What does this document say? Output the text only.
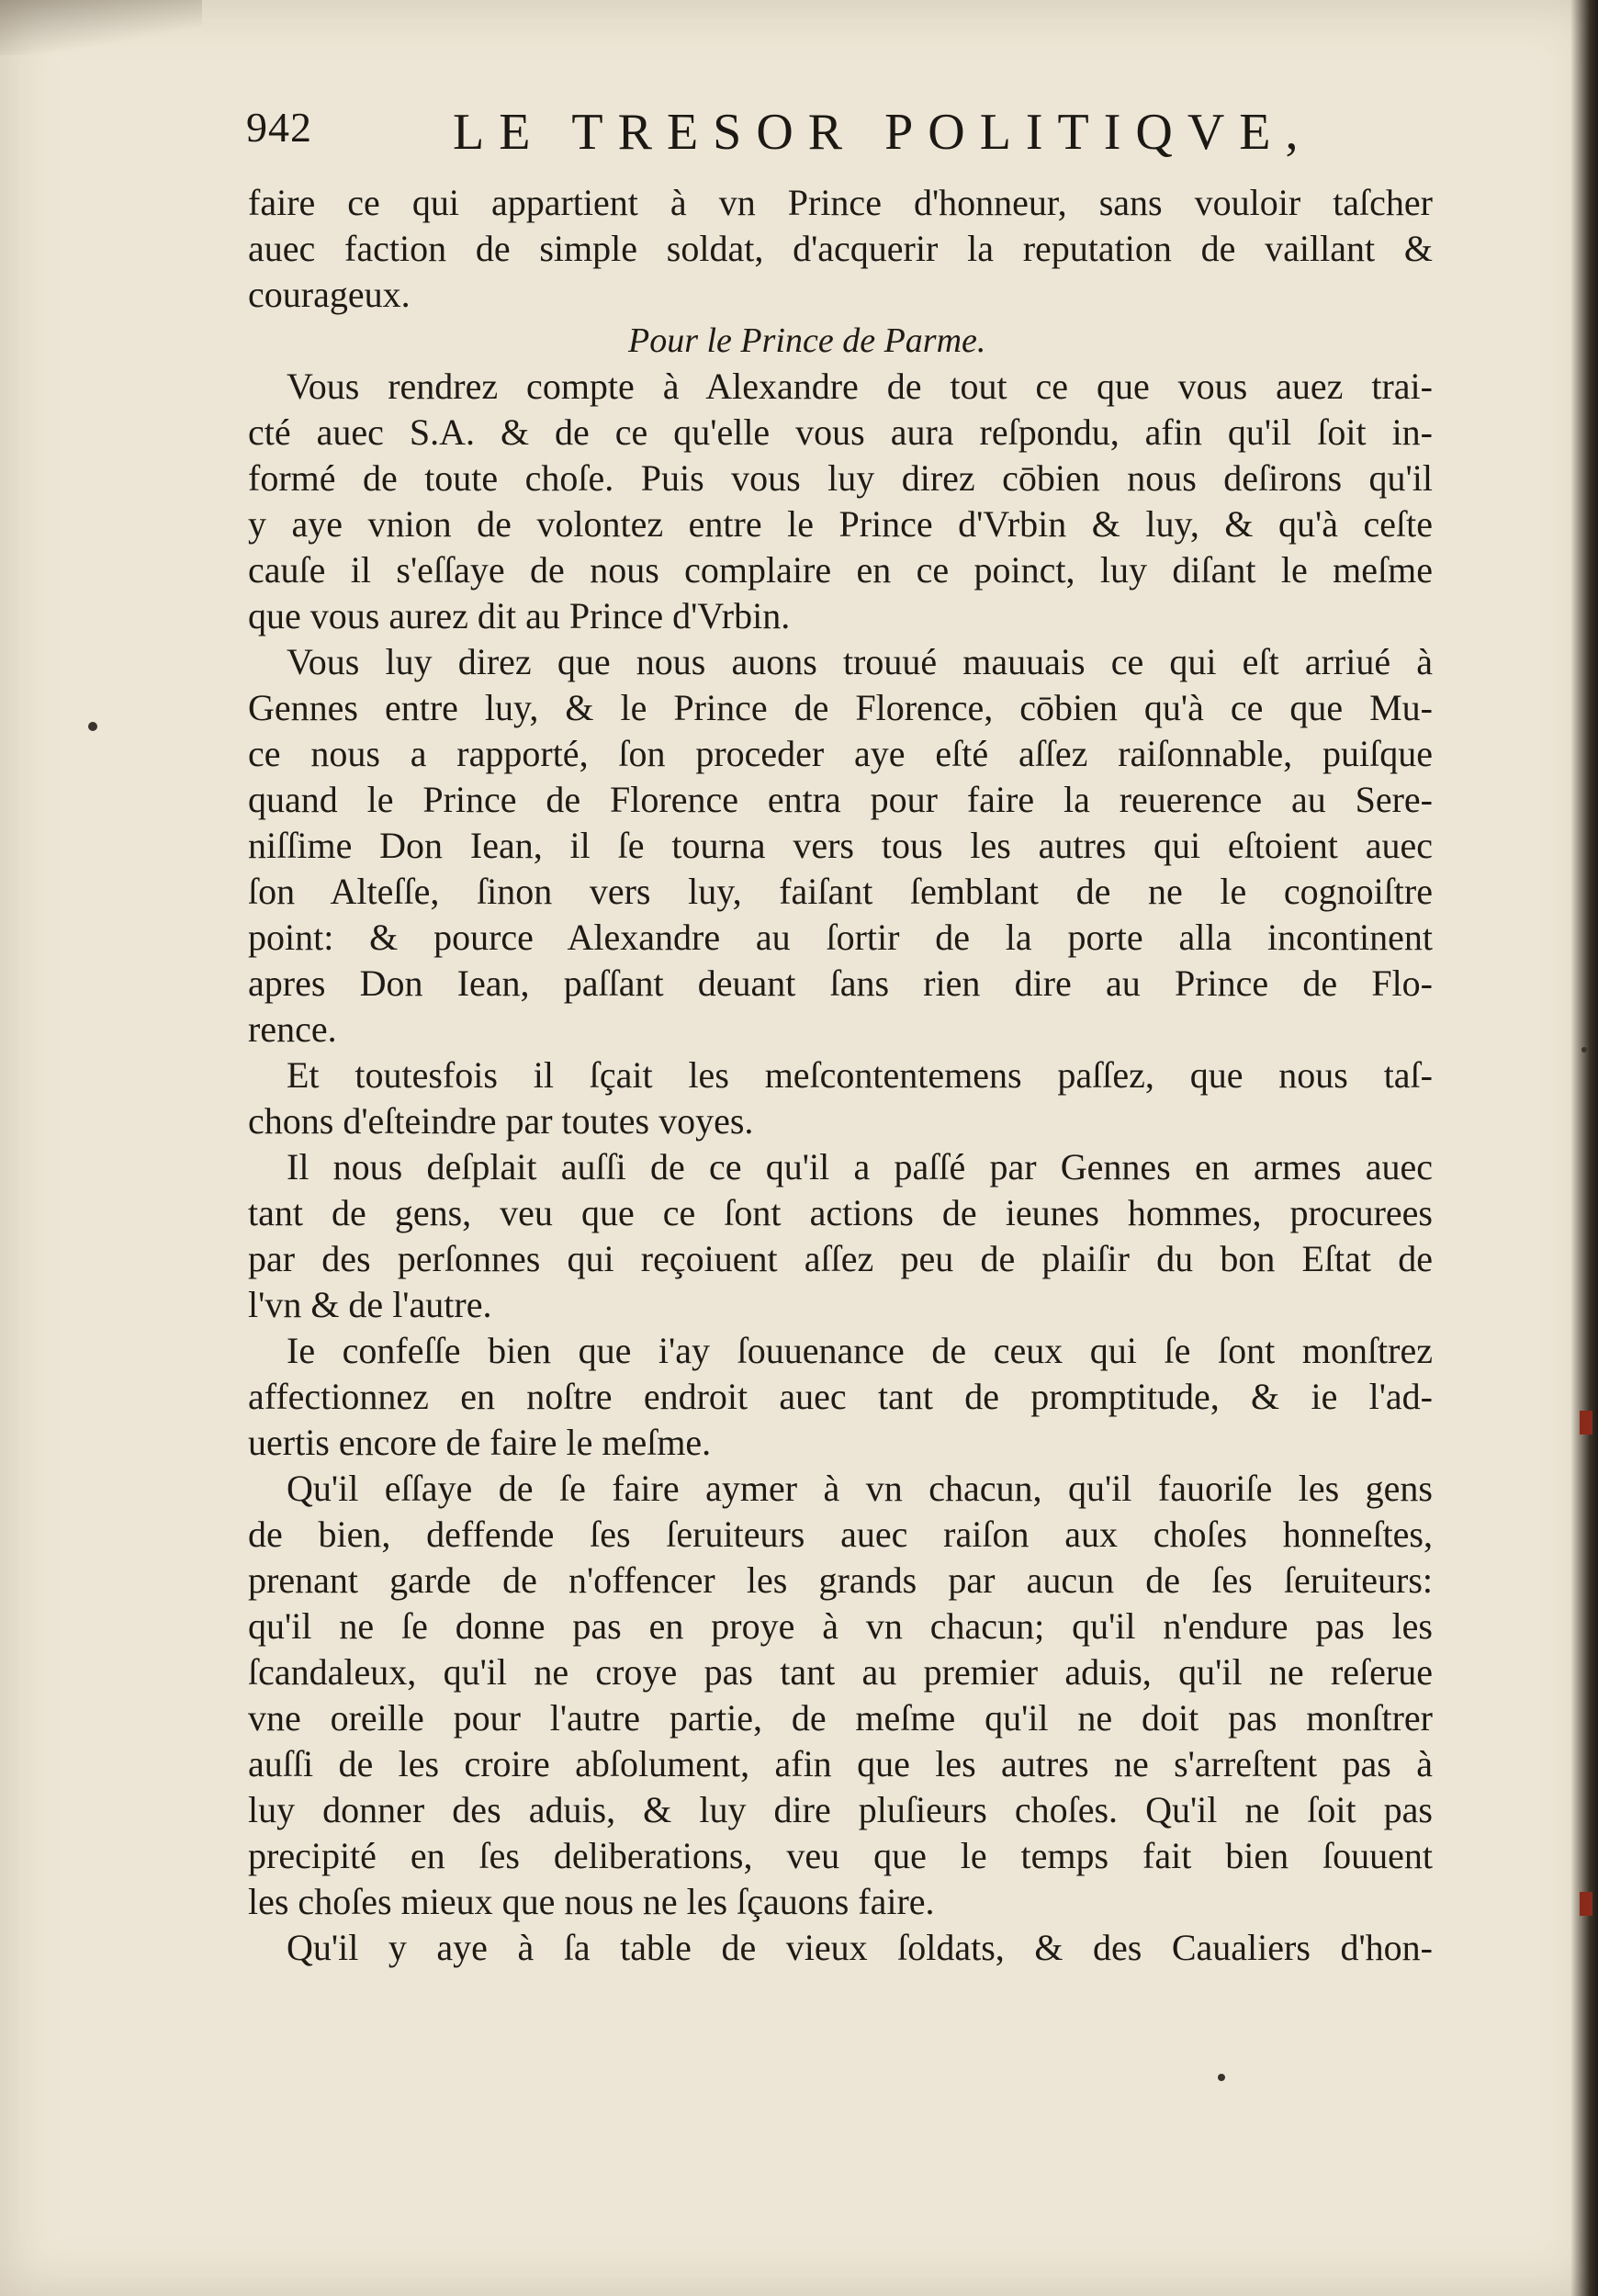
942	LE TRESOR POLITIQVE,
faire ce qui appartient à vn Prince d'honneur, sans vouloir taſcher
auec faction de simple soldat, d'acquerir la reputation de vaillant &
courageux.
Pour le Prince de Parme.
Vous rendrez compte à Alexandre de tout ce que vous auez trai-
cté auec S.A. & de ce qu'elle vous aura reſpondu, afin qu'il ſoit in-
formé de toute choſe. Puis vous luy direz cōbien nous deſirons qu'il
y aye vnion de volontez entre le Prince d'Vrbin & luy, & qu'à ceſte
cauſe il s'eſſaye de nous complaire en ce poinct, luy diſant le meſme
que vous aurez dit au Prince d'Vrbin.
Vous luy direz que nous auons trouué mauuais ce qui eſt arriué à
Gennes entre luy, & le Prince de Florence, cōbien qu'à ce que Mu-
ce nous a rapporté, ſon proceder aye eſté aſſez raiſonnable, puiſque
quand le Prince de Florence entra pour faire la reuerence au Sere-
niſſime Don Iean, il ſe tourna vers tous les autres qui eſtoient auec
ſon Alteſſe, ſinon vers luy, faiſant ſemblant de ne le cognoiſtre
point: & pource Alexandre au ſortir de la porte alla incontinent
apres Don Iean, paſſant deuant ſans rien dire au Prince de Flo-
rence.
Et toutesfois il ſçait les meſcontentemens paſſez, que nous taſ-
chons d'eſteindre par toutes voyes.
Il nous deſplait auſſi de ce qu'il a paſſé par Gennes en armes auec
tant de gens, veu que ce ſont actions de ieunes hommes, procurees
par des perſonnes qui reçoiuent aſſez peu de plaiſir du bon Eſtat de
l'vn & de l'autre.
Ie confeſſe bien que i'ay ſouuenance de ceux qui ſe ſont monſtrez
affectionnez en noſtre endroit auec tant de promptitude, & ie l'ad-
uertis encore de faire le meſme.
Qu'il eſſaye de ſe faire aymer à vn chacun, qu'il fauoriſe les gens
de bien, deffende ſes ſeruiteurs auec raiſon aux choſes honneſtes,
prenant garde de n'offencer les grands par aucun de ſes ſeruiteurs:
qu'il ne ſe donne pas en proye à vn chacun; qu'il n'endure pas les
ſcandaleux, qu'il ne croye pas tant au premier aduis, qu'il ne reſerue
vne oreille pour l'autre partie, de meſme qu'il ne doit pas monſtrer
auſſi de les croire abſolument, afin que les autres ne s'arreſtent pas à
luy donner des aduis, & luy dire pluſieurs choſes. Qu'il ne ſoit pas
precipité en ſes deliberations, veu que le temps fait bien ſouuent
les choſes mieux que nous ne les ſçauons faire.
Qu'il y aye à ſa table de vieux ſoldats, & des Caualiers d'hon-
